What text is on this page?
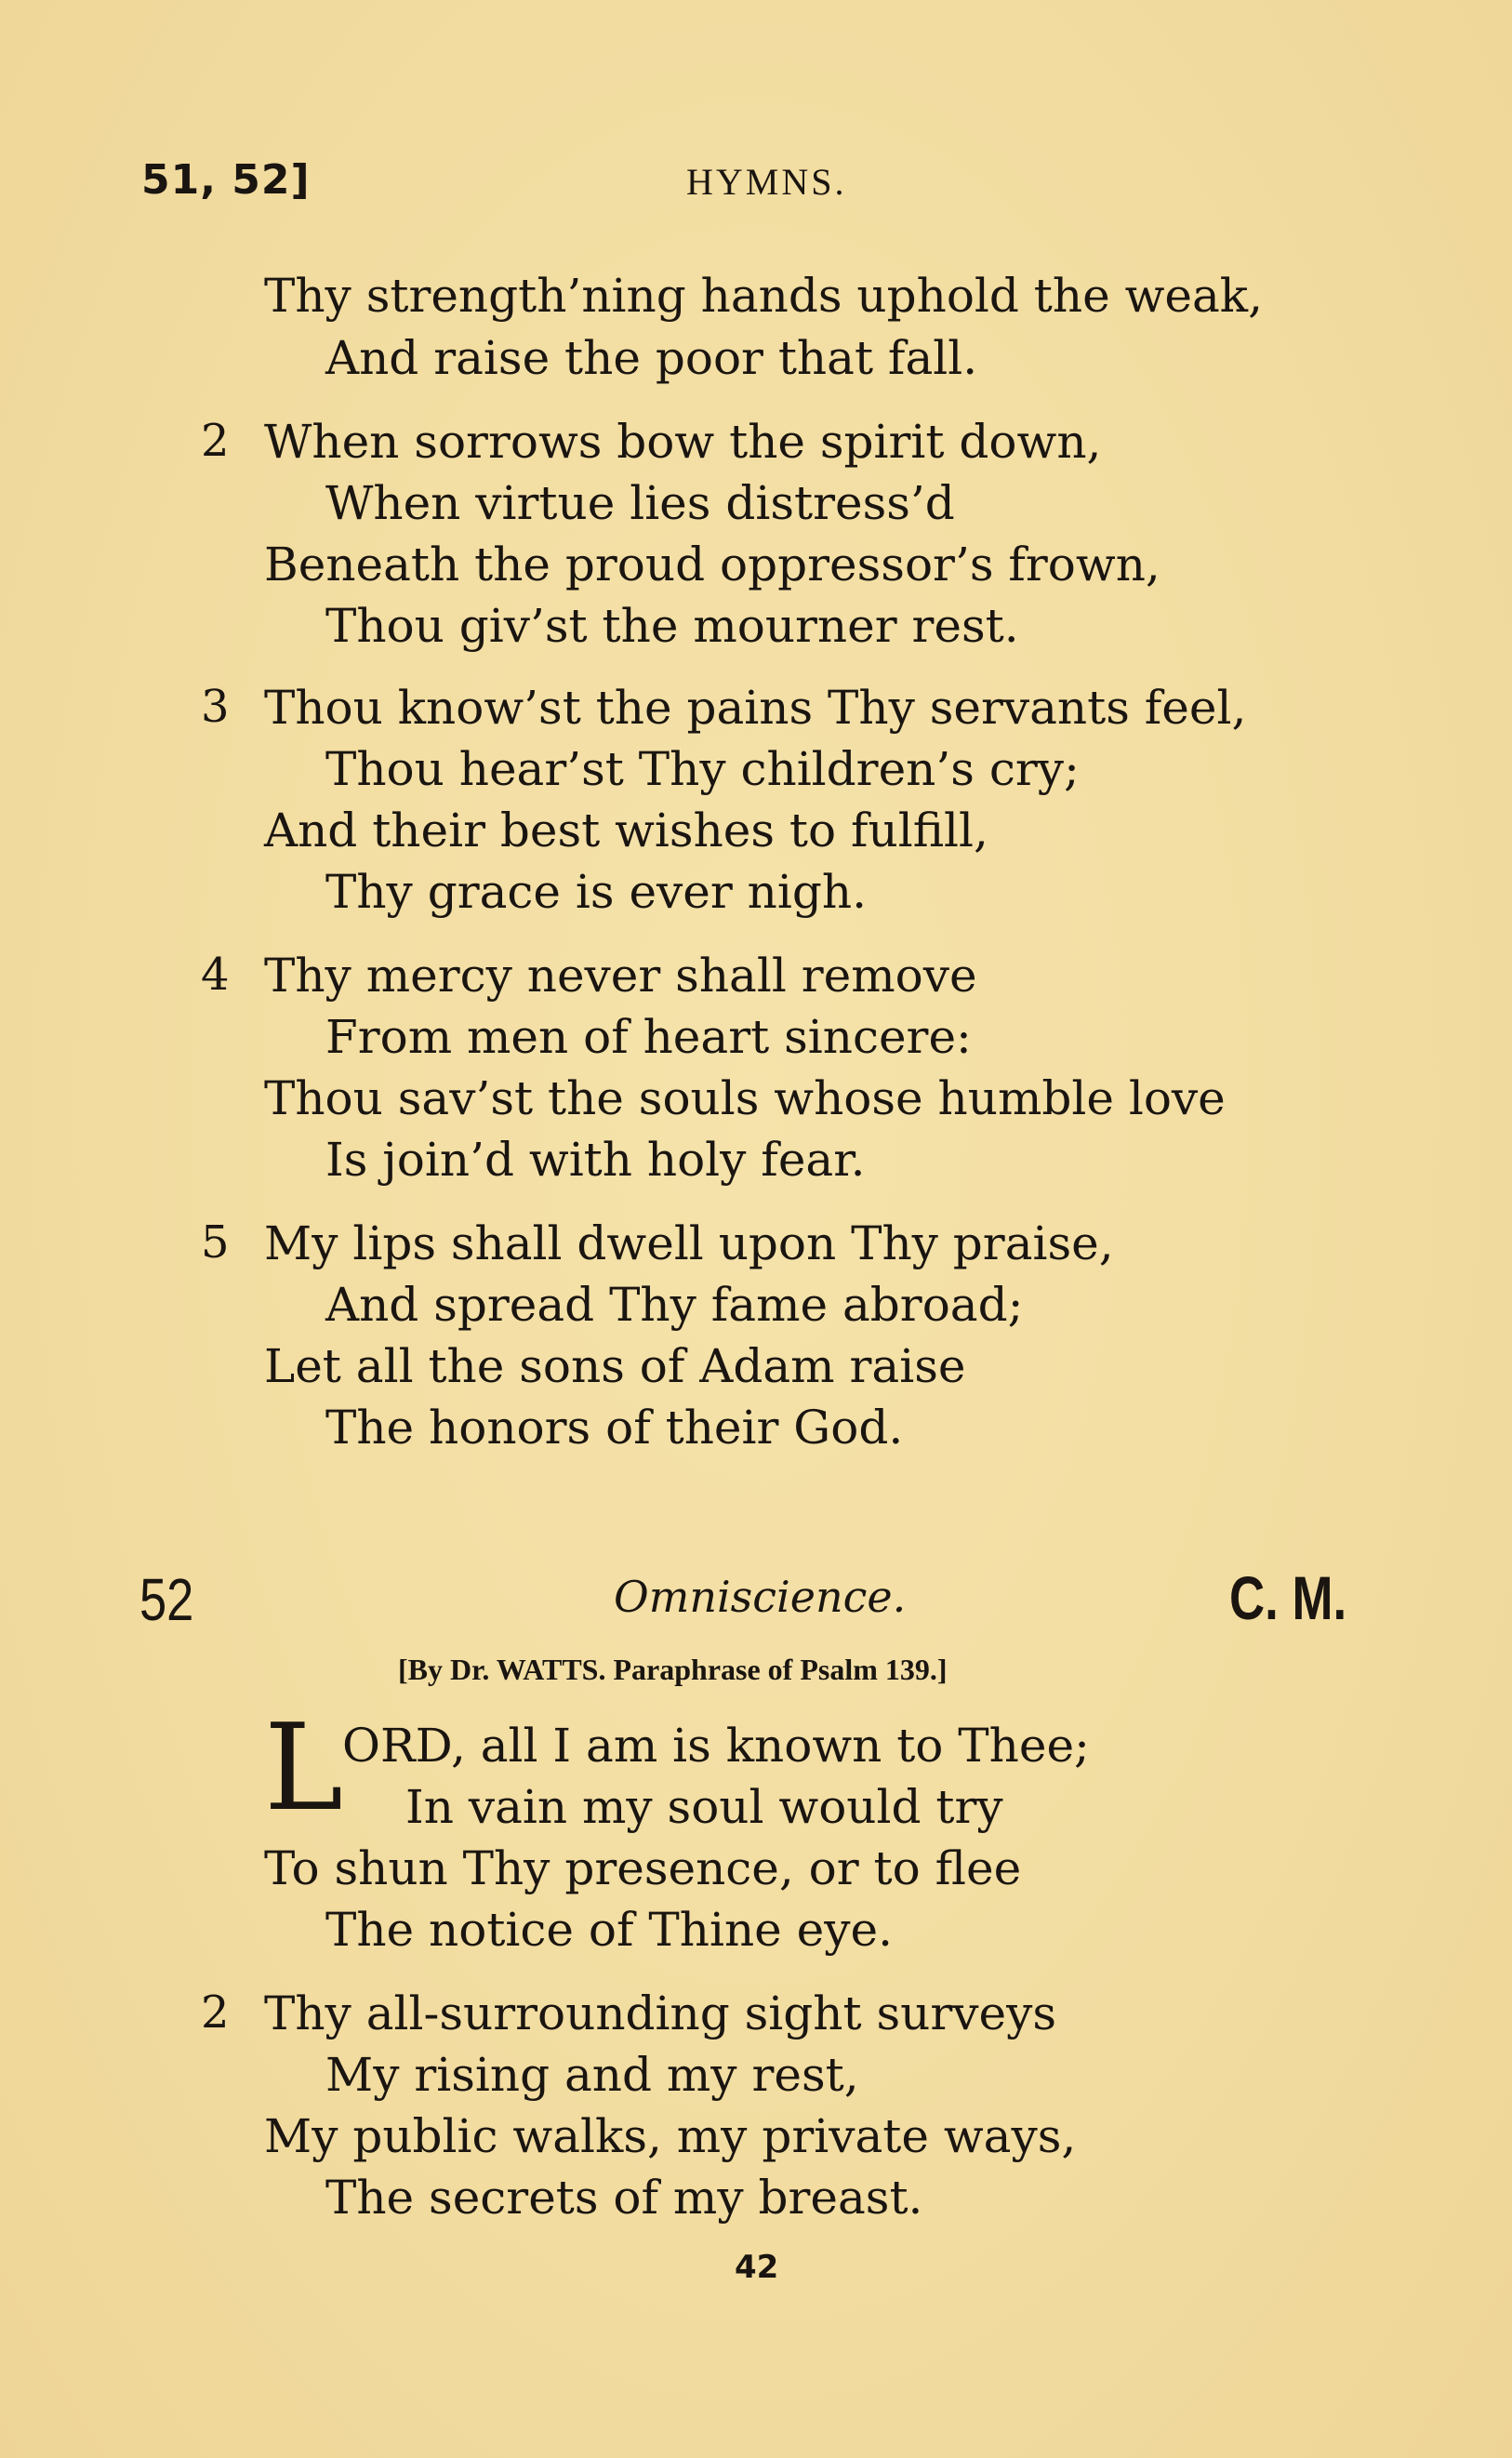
51, 52]	HYMNS.
Thy strength’ning hands uphold the weak,
And raise the poor that fall.
2 When sorrows bow the spirit down,
When virtue lies distress’d
Beneath the proud oppressor’s frown,
Thou giv’st the mourner rest.
3 Thou know’st the pains Thy servants feel,
Thou hear’st Thy children’s cry;
And their best wishes to fulfill,
Thy grace is ever nigh.
4 Thy mercy never shall remove
From men of heart sincere:
Thou sav’st the souls whose humble love
Is join’d with holy fear.
5 My lips shall dwell upon Thy praise,
And spread Thy fame abroad;
Let all the sons of Adam raise
The honors of their God.
52	Omniscience.	C. M.
[By Dr. WATTS. Paraphrase of Psalm 139.]
L ORD, all I am is known to Thee;
In vain my soul would try
To shun Thy presence, or to flee
The notice of Thine eye.
2 Thy all-surrounding sight surveys
My rising and my rest,
My public walks, my private ways,
The secrets of my breast.
42
